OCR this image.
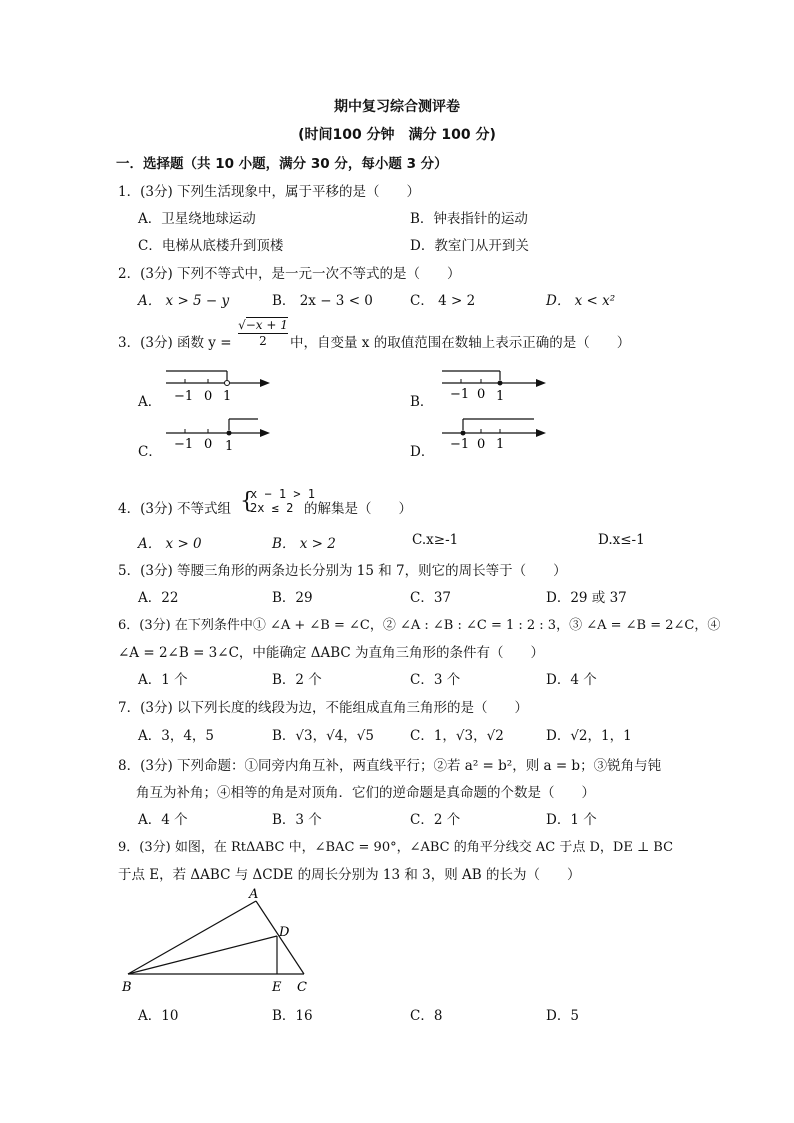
期中复习综合测评卷
(时间100 分钟　满分 100 分)
一．选择题（共 10 小题，满分 30 分，每小题 3 分）
1．(3分) 下列生活现象中，属于平移的是（　　）
A．卫星绕地球运动	B．钟表指针的运动
C．电梯从底楼升到顶楼	D．教室门从开到关
2．(3分) 下列不等式中，是一元一次不等式的是（　　）
A． x > 5 − y	B． 2x − 3 < 0	C． 4 > 2	D． x < x²
3．(3分) 函数 y =
√−x + 1
2	中，自变量 x 的取值范围在数轴上表示正确的是（　　）
A．	B．
C．	D．
−1 0 1	−1 0 1
−1 0 1	−1 0 1
4．(3分) 不等式组 {
x − 1 > 1
2x ≤ 2 的解集是（　　）
A． x > 0	B． x > 2	C.x≥-1	D.x≤-1
5．(3分) 等腰三角形的两条边长分别为 15 和 7，则它的周长等于（　　）
A．22	B．29	C．37	D．29 或 37
6．(3分) 在下列条件中① ∠A + ∠B = ∠C，② ∠A : ∠B : ∠C = 1 : 2 : 3，③ ∠A = ∠B = 2∠C，④
∠A = 2∠B = 3∠C，中能确定 ΔABC 为直角三角形的条件有（　　）
A．1 个	B．2 个	C．3 个	D．4 个
7．(3分) 以下列长度的线段为边，不能组成直角三角形的是（　　）
A．3，4，5	B．√3，√4，√5	C．1，√3，√2	D．√2，1，1
8．(3分) 下列命题：①同旁内角互补，两直线平行；②若 a² = b²，则 a = b；③锐角与钝
角互为补角；④相等的角是对顶角．它们的逆命题是真命题的个数是（　　）
A．4 个	B．3 个	C．2 个	D．1 个
9．(3分) 如图，在 RtΔABC 中，∠BAC = 90°，∠ABC 的角平分线交 AC 于点 D，DE ⊥ BC
于点 E，若 ΔABC 与 ΔCDE 的周长分别为 13 和 3，则 AB 的长为（　　）
A
D
B	E C
A．10	B．16	C．8	D．5
